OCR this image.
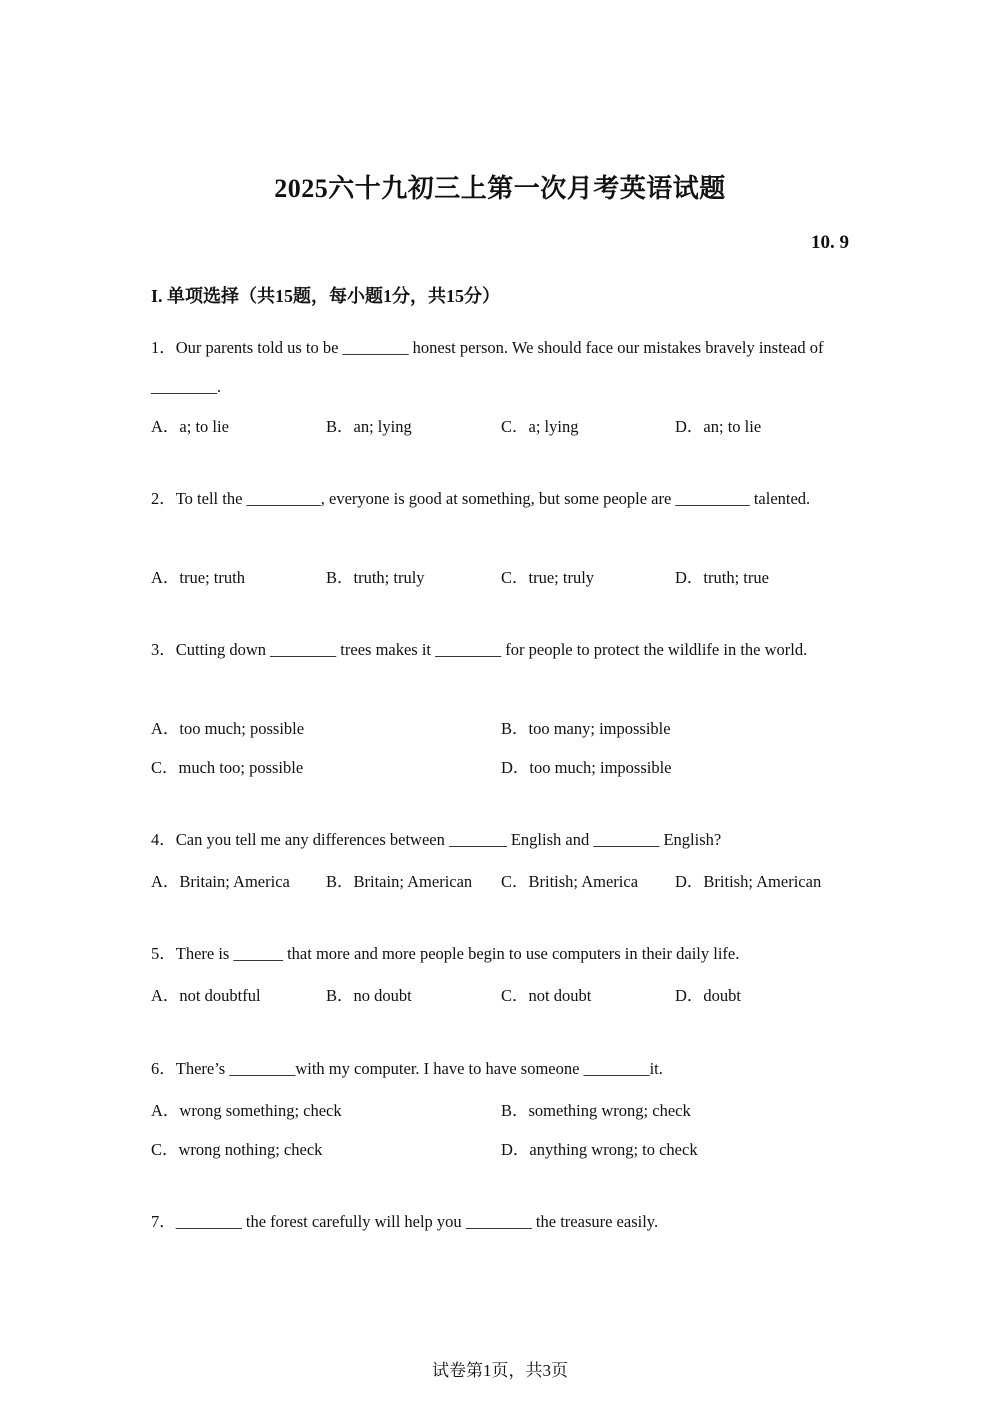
2025六十九初三上第一次月考英语试题
10. 9
I. 单项选择（共15题，每小题1分，共15分）
1．Our parents told us to be ________ honest person. We should face our mistakes bravely instead of ________.
A．a; to lie	B．an; lying	C．a; lying	D．an; to lie
2．To tell the _________, everyone is good at something, but some people are _________ talented.
A．true; truth	B．truth; truly	C．true; truly	D．truth; true
3．Cutting down ________ trees makes it ________ for people to protect the wildlife in the world.
A．too much; possible	B．too many; impossible
C．much too; possible	D．too much; impossible
4．Can you tell me any differences between _______ English and ________ English?
A．Britain; America B．Britain; American C．British; America D．British; American
5．There is ______ that more and more people begin to use computers in their daily life.
A．not doubtful	B．no doubt	C．not doubt	D．doubt
6．There’s ________with my computer. I have to have someone ________it.
A．wrong something; check	B．something wrong; check
C．wrong nothing; check	D．anything wrong; to check
7．________ the forest carefully will help you ________ the treasure easily.
试卷第1页，共3页
